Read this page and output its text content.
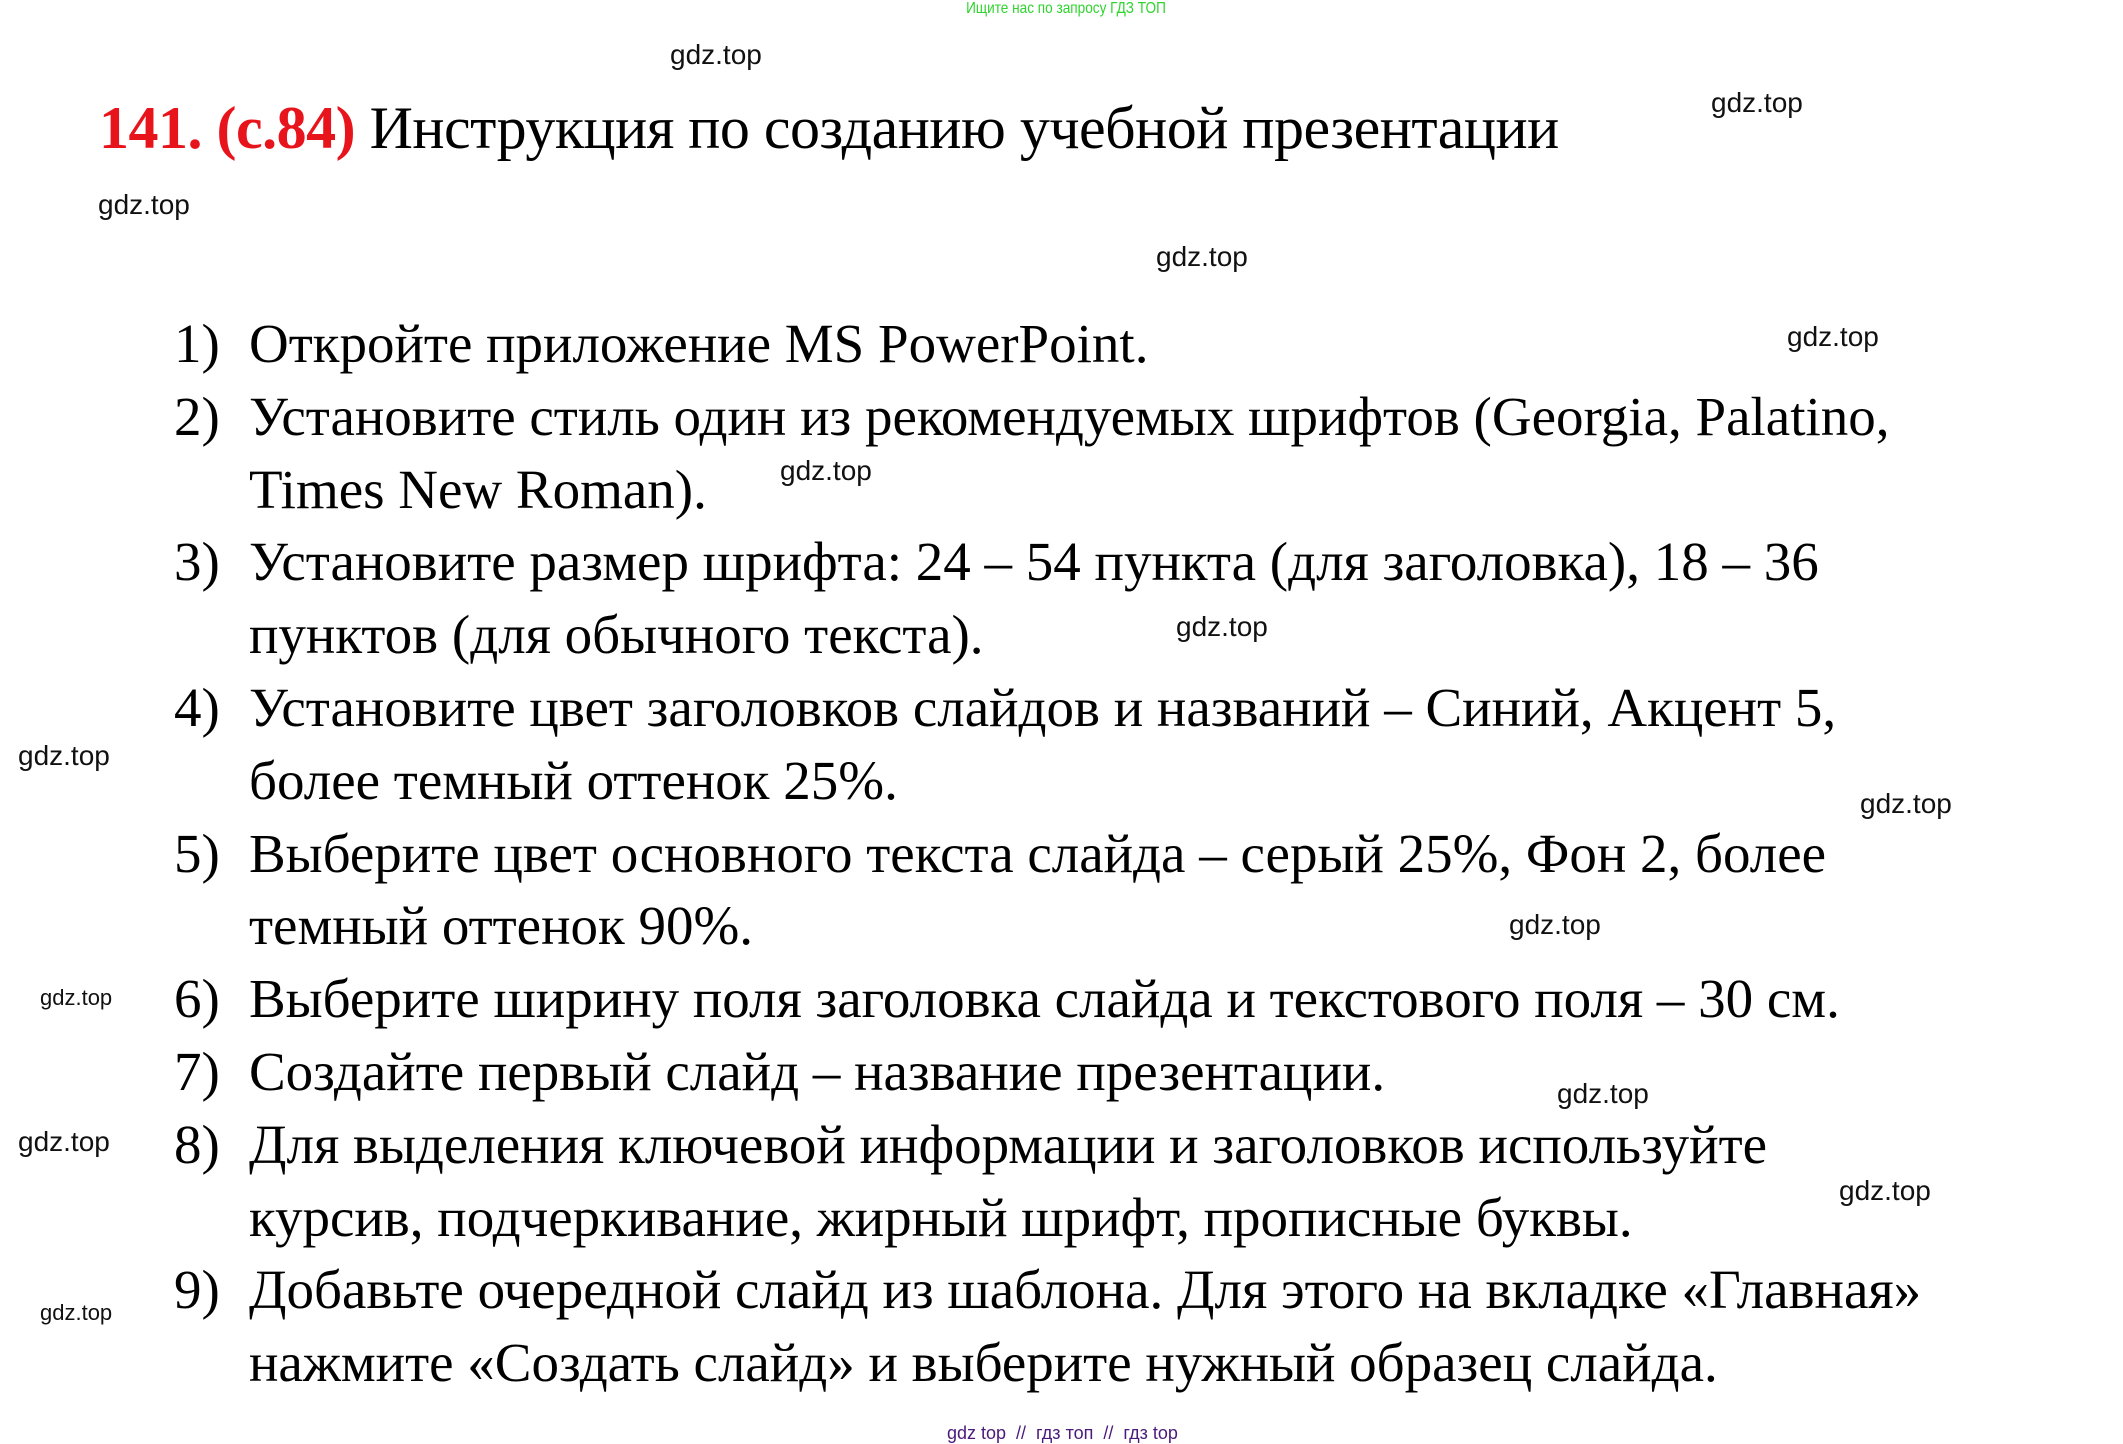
Ищите нас по запросу ГДЗ ТОП
141. (с.84) Инструкция по созданию учебной презентации
1) Откройте приложение MS PowerPoint.
2) Установите стиль один из рекомендуемых шрифтов (Georgia, Palatino,
Times New Roman).
3) Установите размер шрифта: 24 – 54 пункта (для заголовка), 18 – 36
пунктов (для обычного текста).
4) Установите цвет заголовков слайдов и названий – Синий, Акцент 5,
более темный оттенок 25%.
5) Выберите цвет основного текста слайда – серый 25%, Фон 2, более
темный оттенок 90%.
6) Выберите ширину поля заголовка слайда и текстового поля – 30 см.
7) Создайте первый слайд – название презентации.
8) Для выделения ключевой информации и заголовков используйте
курсив, подчеркивание, жирный шрифт, прописные буквы.
9) Добавьте очередной слайд из шаблона. Для этого на вкладке «Главная»
нажмите «Создать слайд» и выберите нужный образец слайда.
gdz.top
gdz.top
gdz.top
gdz.top
gdz.top
gdz.top
gdz.top
gdz.top
gdz.top
gdz.top
gdz.top
gdz.top
gdz.top
gdz.top
gdz.top
gdz top  //  гдз топ  //  гдз top
